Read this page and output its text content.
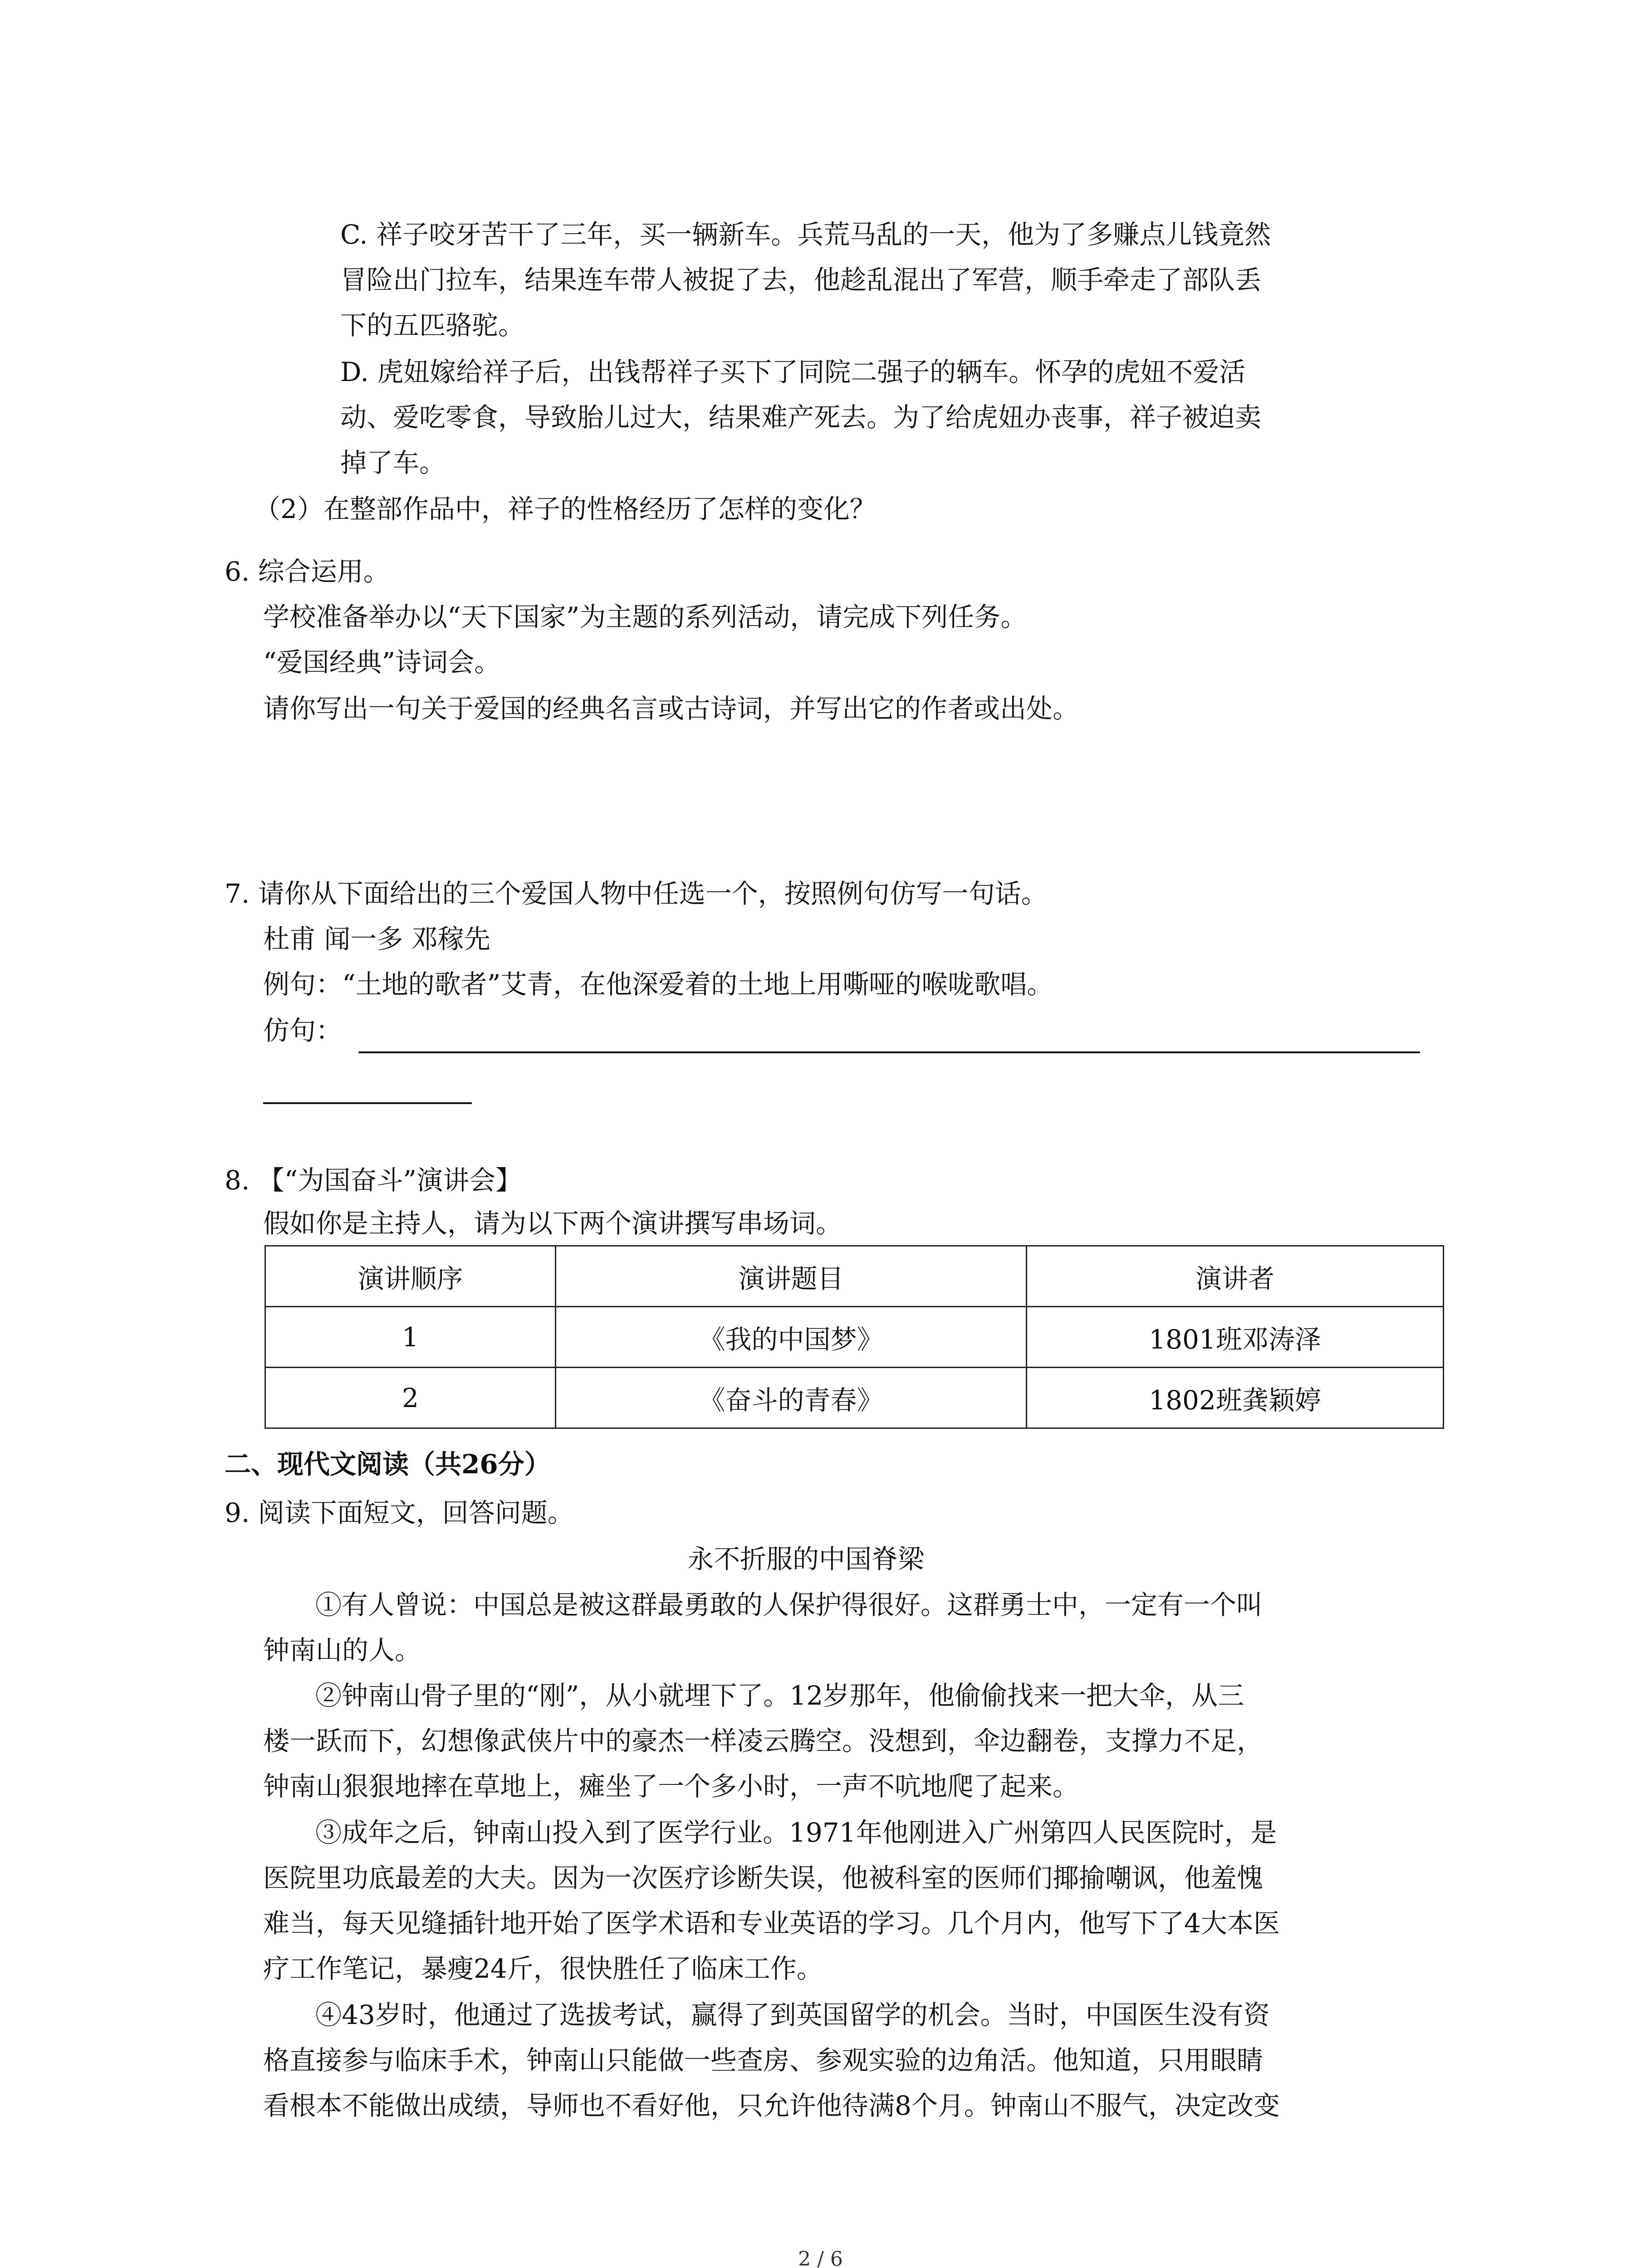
C. 祥子咬牙苦干了三年，买一辆新车。兵荒马乱的一天，他为了多赚点儿钱竟然
冒险出门拉车，结果连车带人被捉了去，他趁乱混出了军营，顺手牵走了部队丢
下的五匹骆驼。
D. 虎妞嫁给祥子后，出钱帮祥子买下了同院二强子的辆车。怀孕的虎妞不爱活
动、爱吃零食，导致胎儿过大，结果难产死去。为了给虎妞办丧事，祥子被迫卖
掉了车。
（2）在整部作品中，祥子的性格经历了怎样的变化？
6. 综合运用。
学校准备举办以“天下国家”为主题的系列活动，请完成下列任务。
“爱国经典”诗词会。
请你写出一句关于爱国的经典名言或古诗词，并写出它的作者或出处。
7. 请你从下面给出的三个爱国人物中任选一个，按照例句仿写一句话。
杜甫 闻一多 邓稼先
例句：“土地的歌者”艾青，在他深爱着的土地上用嘶哑的喉咙歌唱。
仿句：
8. 【“为国奋斗”演讲会】
假如你是主持人，请为以下两个演讲撰写串场词。
演讲顺序	演讲题目	演讲者
1	《我的中国梦》	1801班邓涛泽
2	《奋斗的青春》	1802班龚颖婷
二、现代文阅读（共26分）
9. 阅读下面短文，回答问题。
永不折服的中国脊梁
①有人曾说：中国总是被这群最勇敢的人保护得很好。这群勇士中，一定有一个叫
钟南山的人。
②钟南山骨子里的“刚”，从小就埋下了。12岁那年，他偷偷找来一把大伞，从三
楼一跃而下，幻想像武侠片中的豪杰一样凌云腾空。没想到，伞边翻卷，支撑力不足，
钟南山狠狠地摔在草地上，瘫坐了一个多小时，一声不吭地爬了起来。
③成年之后，钟南山投入到了医学行业。1971年他刚进入广州第四人民医院时，是
医院里功底最差的大夫。因为一次医疗诊断失误，他被科室的医师们揶揄嘲讽，他羞愧
难当，每天见缝插针地开始了医学术语和专业英语的学习。几个月内，他写下了4大本医
疗工作笔记，暴瘦24斤，很快胜任了临床工作。
④43岁时，他通过了选拔考试，赢得了到英国留学的机会。当时，中国医生没有资
格直接参与临床手术，钟南山只能做一些查房、参观实验的边角活。他知道，只用眼睛
看根本不能做出成绩，导师也不看好他，只允许他待满8个月。钟南山不服气，决定改变
2 / 6
